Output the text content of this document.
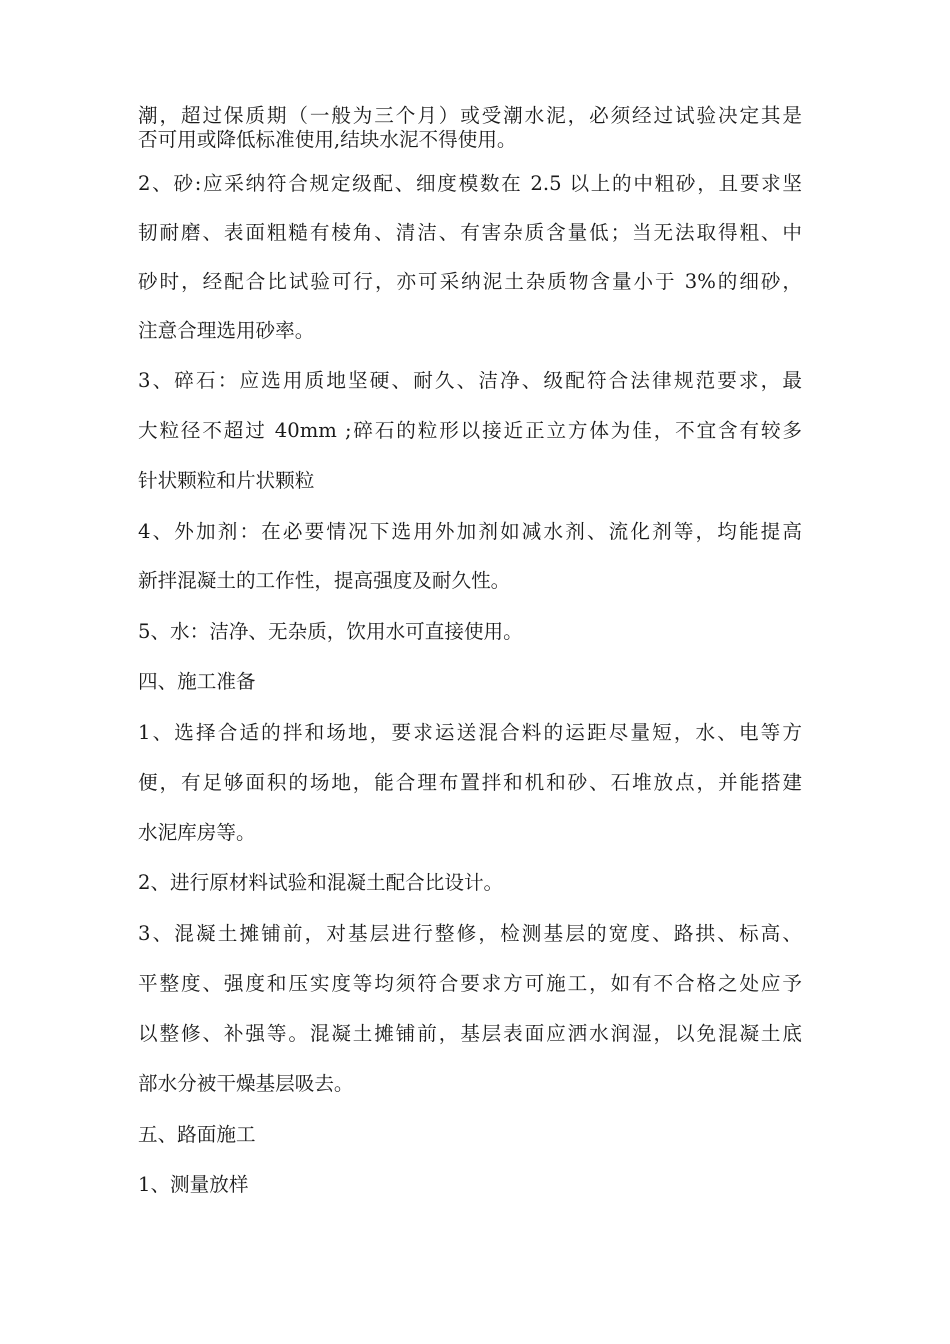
潮，超过保质期（一般为三个月）或受潮水泥，必须经过试验决定其是
否可用或降低标准使用,结块水泥不得使用。
2、砂:应采纳符合规定级配、细度模数在 2.5 以上的中粗砂，且要求坚
韧耐磨、表面粗糙有棱角、清洁、有害杂质含量低；当无法取得粗、中
砂时，经配合比试验可行，亦可采纳泥土杂质物含量小于 3%的细砂，
注意合理选用砂率。
3、碎石：应选用质地坚硬、耐久、洁净、级配符合法律规范要求，最
大粒径不超过 40mm ;碎石的粒形以接近正立方体为佳，不宜含有较多
针状颗粒和片状颗粒
4、外加剂：在必要情况下选用外加剂如减水剂、流化剂等，均能提高
新拌混凝土的工作性，提高强度及耐久性。
5、水：洁净、无杂质，饮用水可直接使用。
四、施工准备
1、选择合适的拌和场地，要求运送混合料的运距尽量短，水、电等方
便，有足够面积的场地，能合理布置拌和机和砂、石堆放点，并能搭建
水泥库房等。
2、进行原材料试验和混凝土配合比设计。
3、混凝土摊铺前，对基层进行整修，检测基层的宽度、路拱、标高、
平整度、强度和压实度等均须符合要求方可施工，如有不合格之处应予
以整修、补强等。混凝土摊铺前，基层表面应洒水润湿，以免混凝土底
部水分被干燥基层吸去。
五、路面施工
1、测量放样
